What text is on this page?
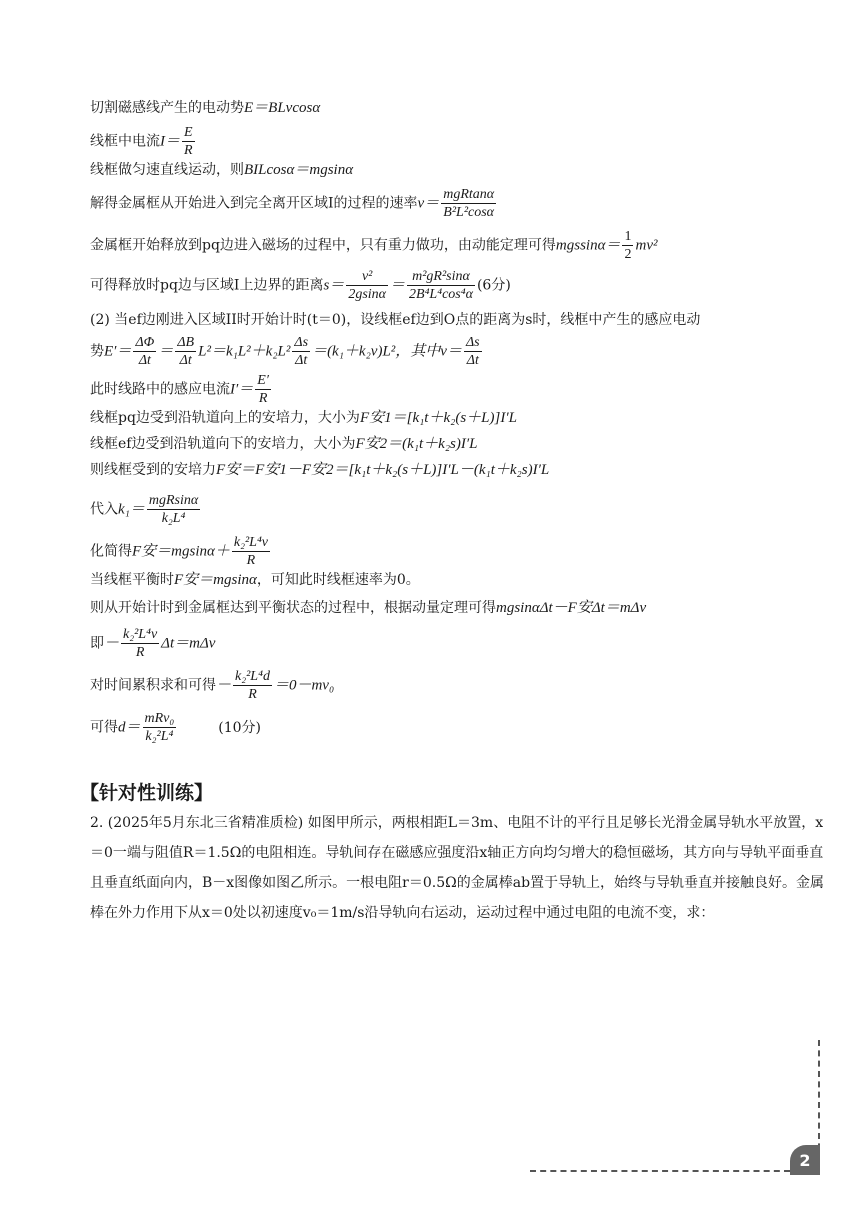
切割磁感线产生的电动势E＝BLvcosα
线框中电流$I= \frac{E}{R}$
线框做匀速直线运动，则BILcosα＝mgsinα
解得金属框从开始进入到完全离开区域I的过程的速率$v= \frac{\text{mgRtanα}}{\text{B²L²cosα}}$
金属框开始释放到pq边进入磁场的过程中，只有重力做功，由动能定理可得$mgssin\alpha= \frac{1}{2} mv^2$
可得释放时pq边与区域I上边界的距离$s= \frac{\text{v²}}{2gsin\alpha} = \frac{\text{m²gR²sinα}}{\text{2B⁴L⁴cos⁴α}} (6$分)
(2) 当ef边刚进入区域II时开始计时(t＝0)，设线框ef边到O点的距离为s时，线框中产生的感应电动
势$E'= \frac{\Delta\Phi}{\Delta t} = \frac{\Delta B}{\Delta t} L^2=k_1L^2+k_2L^2 \frac{\Delta s}{\Delta t} =(k_1+k_2v)L^2$，其中$v= \frac{\Delta s}{\Delta t}$
此时线路中的感应电流$I'= \frac{E'}{R}$
线框pq边受到沿轨道向上的安培力，大小为F安1＝[k₁t＋k₂(s＋L)]I′L
线框ef边受到沿轨道向下的安培力，大小为F安2＝(k₁t＋k₂s)I′L
则线框受到的安培力F安＝F安1－F安2＝[k₁t＋k₂(s＋L)]I′L－(k₁t＋k₂s)I′L
代入$k_1= \frac{\text{mgRsinα}}{\text{k₂L⁴}}$
化简得F安$=mgsin\alpha+ \frac{\text{k₂²L⁴v}}{R}$
当线框平衡时F安＝mgsinα，可知此时线框速率为0。
则从开始计时到金属框达到平衡状态的过程中，根据动量定理可得mgsinαΔt－F安Δt＝mΔv
即－ $\frac{\text{k₂²L⁴v}}{R} \Delta t=m\Delta v$
对时间累积求和可得－ $\frac{\text{k₂²L⁴d}}{R} =0-mv_0$
可得$d= \frac{\text{mRv₀}}{\text{k₂²L⁴}}$	(10分)
【针对性训练】
2. (2025年5月东北三省精准质检) 如图甲所示，两根相距L＝3m、电阻不计的平行且足够长光滑金属导轨水平放置，x＝0一端与阻值R＝1.5Ω的电阻相连。导轨间存在磁感应强度沿x轴正方向均匀增大的稳恒磁场，其方向与导轨平面垂直且垂直纸面向内，B－x图像如图乙所示。一根电阻r＝0.5Ω的金属棒ab置于导轨上，始终与导轨垂直并接触良好。金属棒在外力作用下从x＝0处以初速度v₀＝1m/s沿导轨向右运动，运动过程中通过电阻的电流不变，求：
2
